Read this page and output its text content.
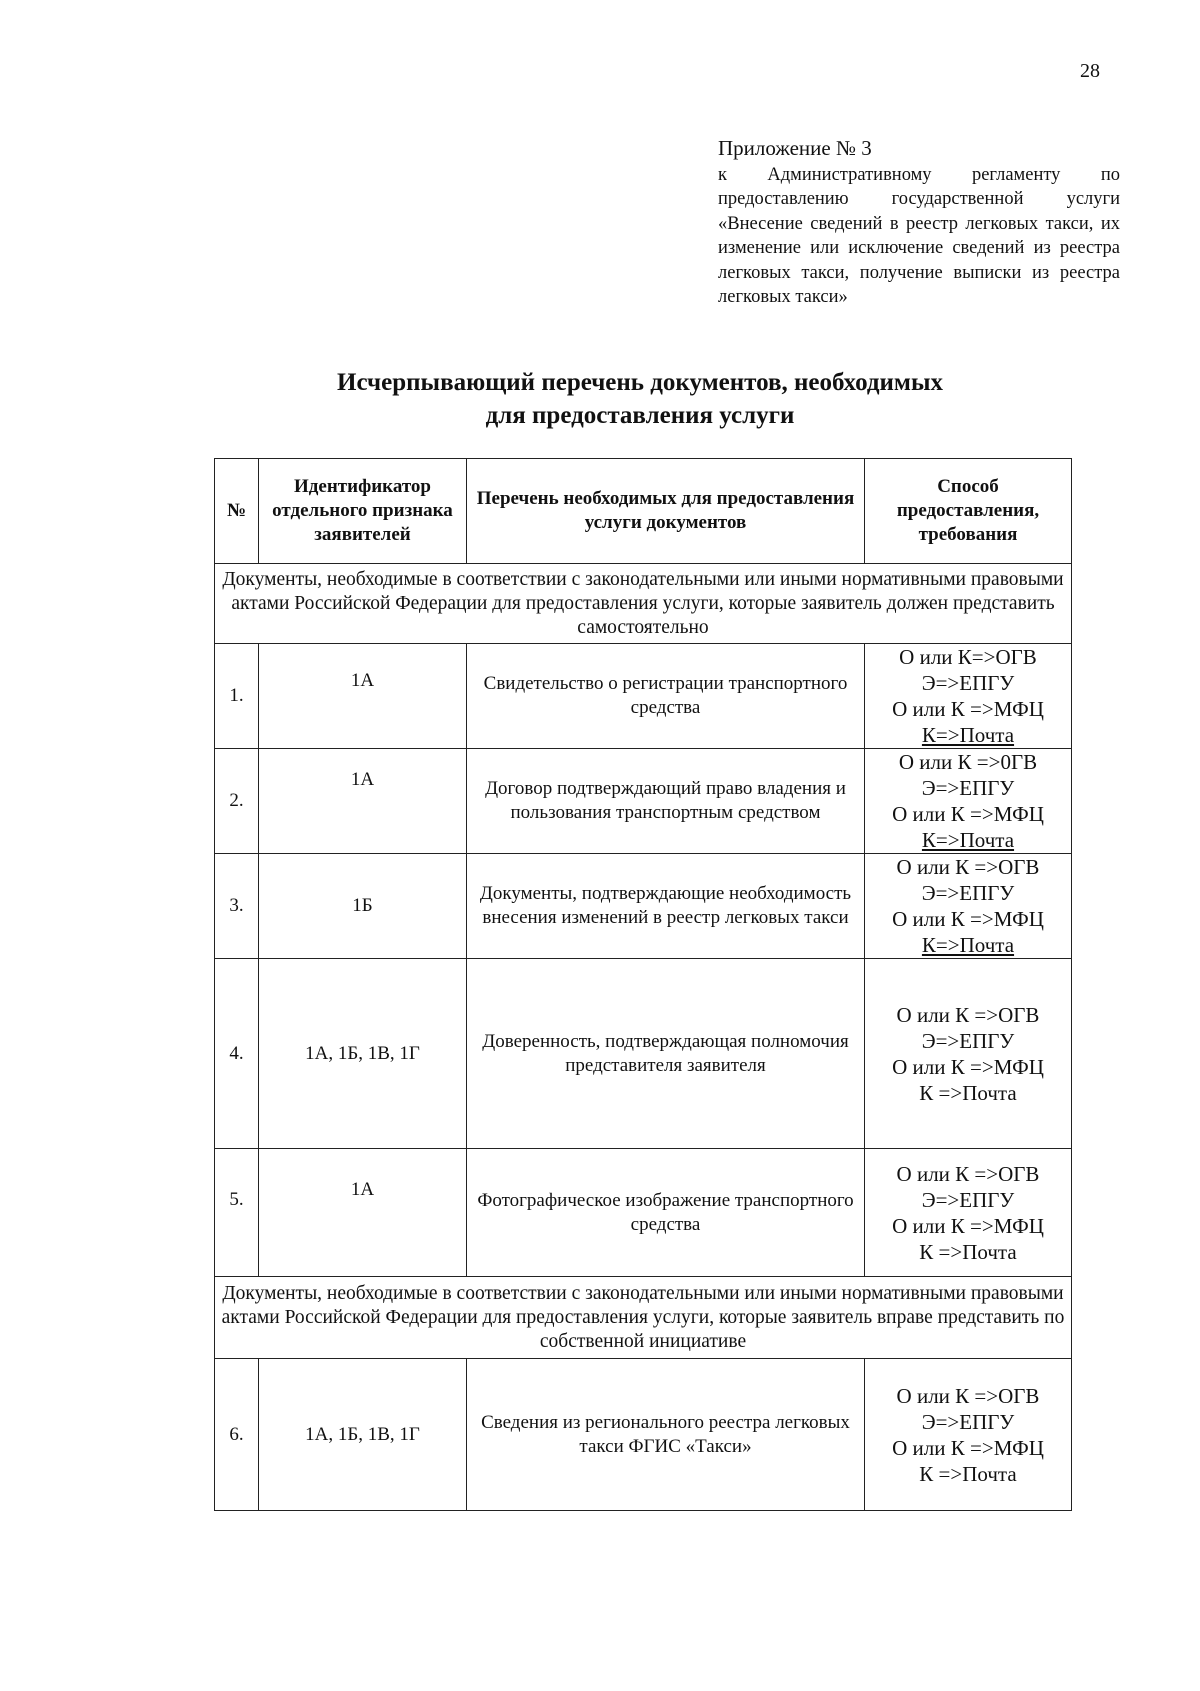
28
Приложение № 3
к Административному регламенту по предоставлению государственной услуги «Внесение сведений в реестр легковых такси, их изменение или исключение сведений из реестра легковых такси, получение выписки из реестра легковых такси»
Исчерпывающий перечень документов, необходимых
для предоставления услуги
№	Идентификатор отдельного признака заявителей	Перечень необходимых для предоставления услуги документов	Способ предоставления, требования
Документы, необходимые в соответствии с законодательными или иными нормативными правовыми актами Российской Федерации для предоставления услуги, которые заявитель должен представить самостоятельно			
1.	1А	Свидетельство о регистрации транспортного средства	О или К=>ОГВ
Э=>ЕПГУ
О или К =>МФЦ
К=>Почта

2.	1А	Договор подтверждающий право владения и пользования транспортным средством	О или К =>0ГВ
Э=>ЕПГУ
О или К =>МФЦ
К=>Почта

3.	1Б	Документы, подтверждающие необходимость внесения изменений в реестр легковых такси	О или К =>ОГВ
Э=>ЕПГУ
О или К =>МФЦ
К=>Почта

4.	1А, 1Б, 1В, 1Г	Доверенность, подтверждающая полномочия представителя заявителя	О или К =>ОГВ
Э=>ЕПГУ
О или К =>МФЦ
К =>Почта

5.	1А	Фотографическое изображение транспортного средства	О или К =>ОГВ
Э=>ЕПГУ
О или К =>МФЦ
К =>Почта

Документы, необходимые в соответствии с законодательными или иными нормативными правовыми актами Российской Федерации для предоставления услуги, которые заявитель вправе представить по собственной инициативе			
6.	1А, 1Б, 1В, 1Г	Сведения из регионального реестра легковых такси ФГИС «Такси»	О или К =>ОГВ
Э=>ЕПГУ
О или К =>МФЦ
К =>Почта
